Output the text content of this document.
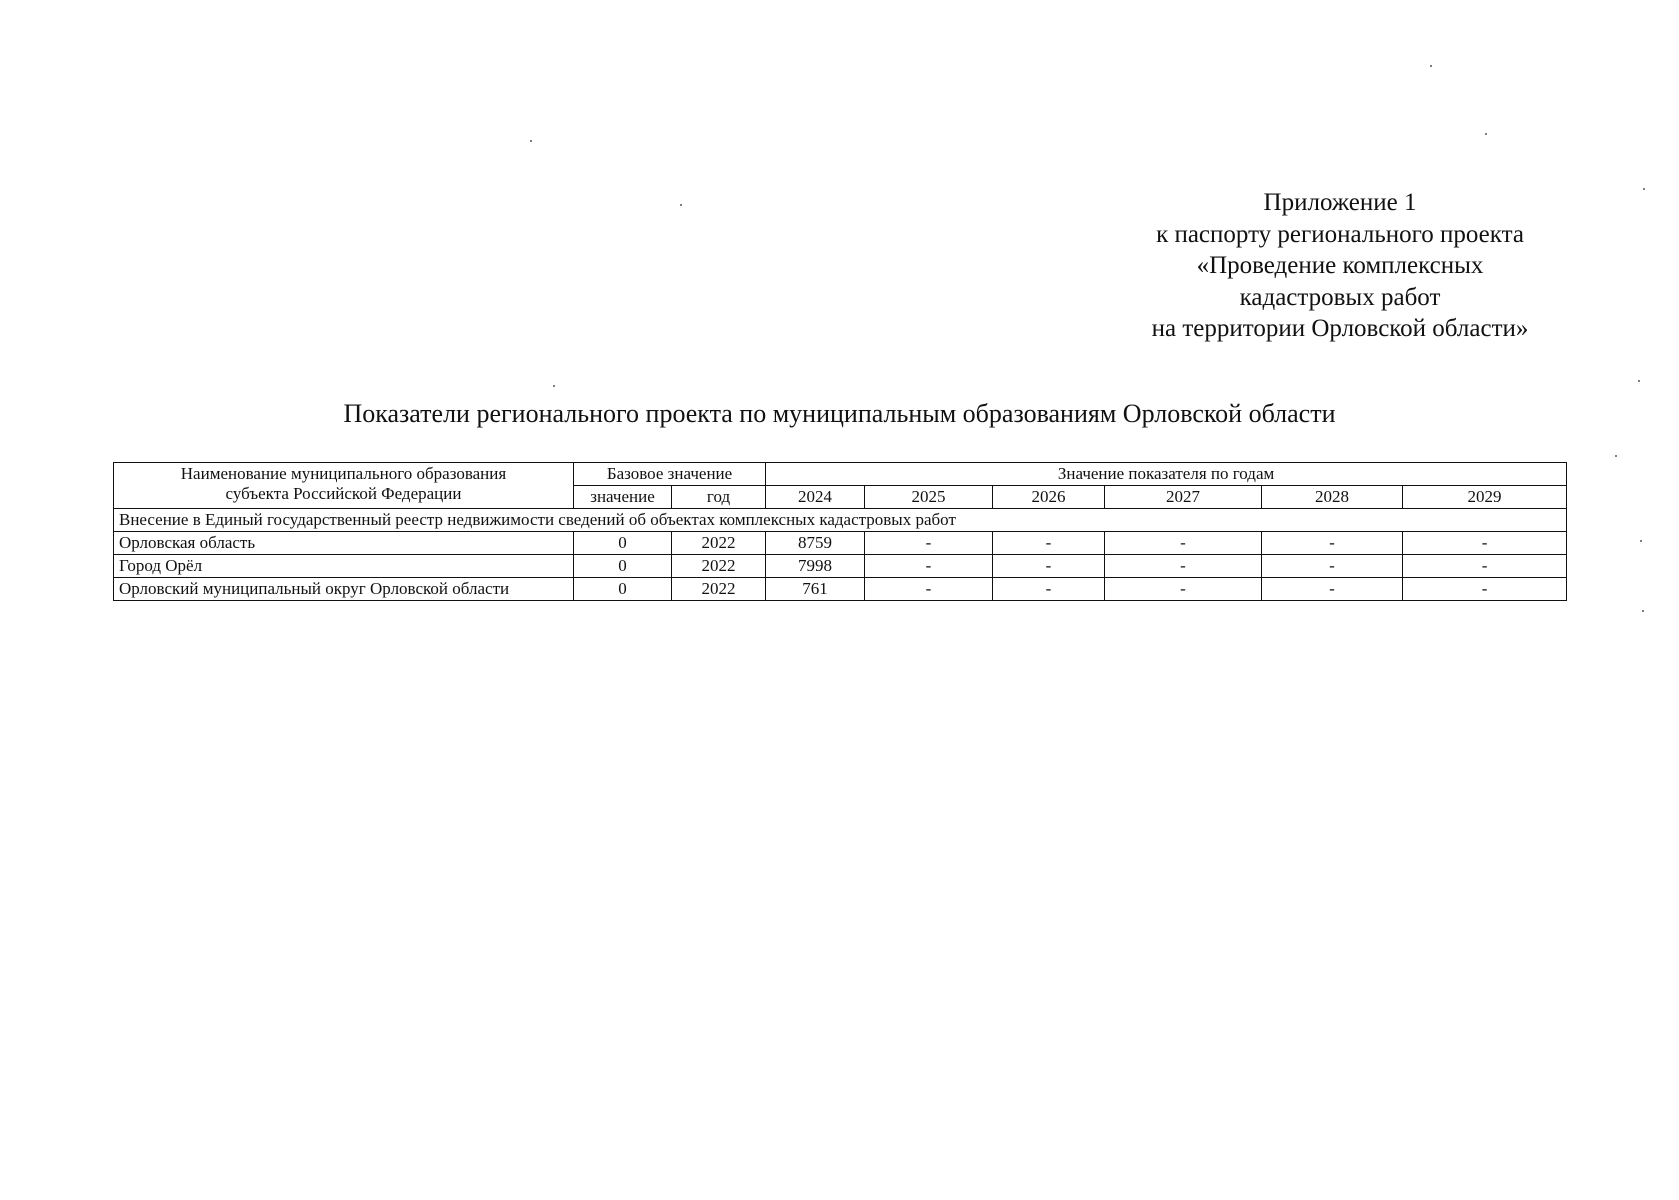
Приложение 1
к паспорту регионального проекта
«Проведение комплексных
кадастровых работ
на территории Орловской области»
Показатели регионального проекта по муниципальным образованиям Орловской области
Наименование муниципального образования
субъекта Российской Федерации	Базовое значение		Значение показателя по годам					
	значение	год	2024	2025	2026	2027	2028	2029
Внесение в Единый государственный реестр недвижимости сведений об объектах комплексных кадастровых работ								
Орловская область	0	2022	8759	-	-	-	-	-
Город Орёл	0	2022	7998	-	-	-	-	-
Орловский муниципальный округ Орловской области	0	2022	761	-	-	-	-	-
